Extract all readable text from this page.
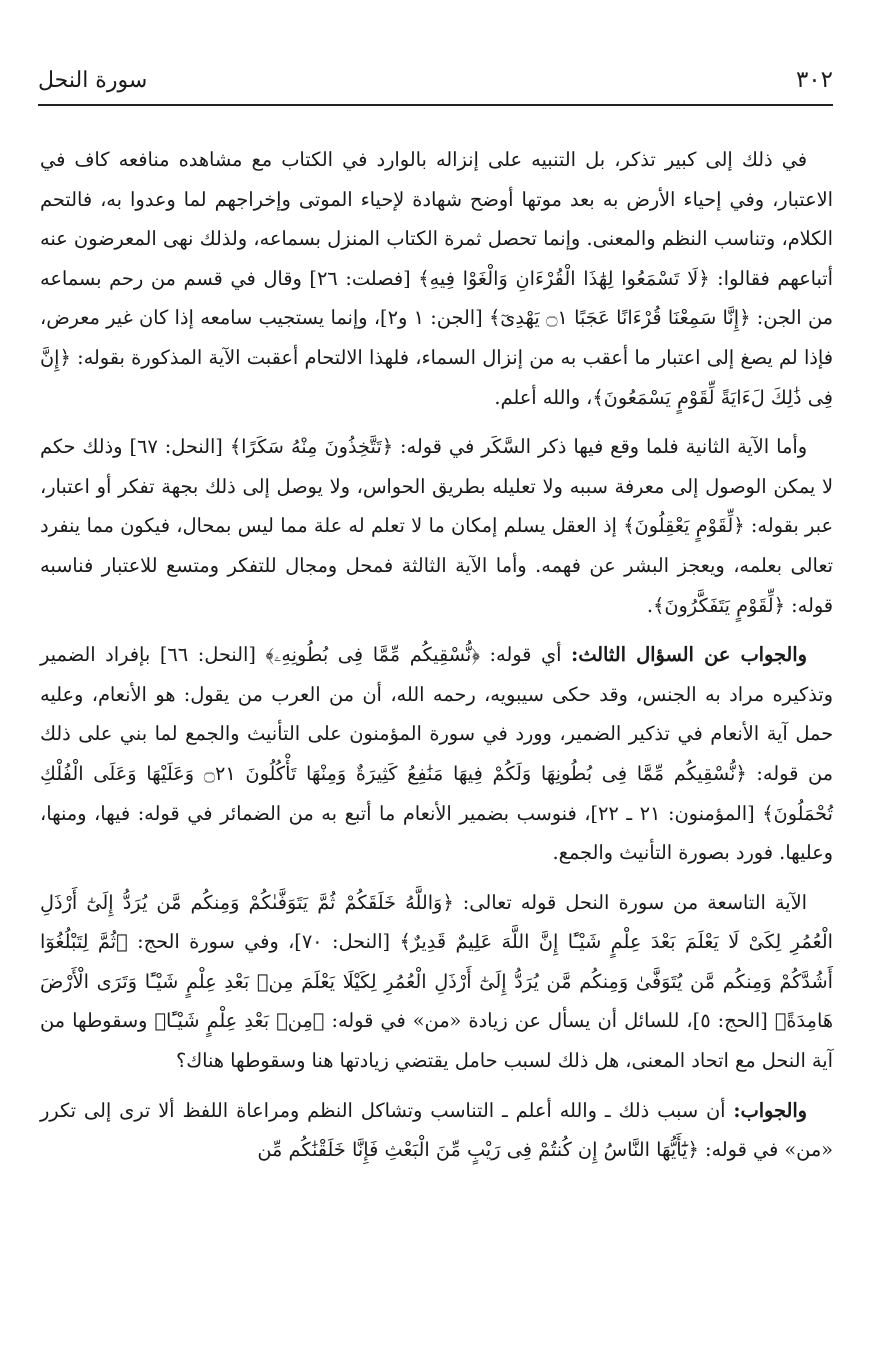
٣٠٢
سورة النحل

في ذلك إلى كبير تذكر، بل التنبيه على إنزاله بالوارد في الكتاب مع مشاهده منافعه كاف في الاعتبار، وفي إحياء الأرض به بعد موتها أوضح شهادة لإحياء الموتى وإخراجهم لما وعدوا به، فالتحم الكلام، وتناسب النظم والمعنى. وإنما تحصل ثمرة الكتاب المنزل بسماعه، ولذلك نهى المعرضون عنه أتباعهم فقالوا: ﴿لَا تَسْمَعُوا لِهَٰذَا الْقُرْءَانِ وَالْغَوْا فِيهِ﴾ [فصلت: ٢٦] وقال في قسم من رحم بسماعه من الجن: ﴿إِنَّا سَمِعْنَا قُرْءَانًا عَجَبًا ۝١ يَهْدِىٓ﴾ [الجن: ١ و٢]، وإنما يستجيب سامعه إذا كان غير معرض، فإذا لم يصغ إلى اعتبار ما أعقب به من إنزال السماء، فلهذا الالتحام أعقبت الآية المذكورة بقوله: ﴿إِنَّ فِى ذَٰلِكَ لَءَايَةً لِّقَوْمٍ يَسْمَعُونَ﴾، والله أعلم.

وأما الآية الثانية فلما وقع فيها ذكر السَّكَر في قوله: ﴿تَتَّخِذُونَ مِنْهُ سَكَرًا﴾ [النحل: ٦٧] وذلك حكم لا يمكن الوصول إلى معرفة سببه ولا تعليله بطريق الحواس، ولا يوصل إلى ذلك بجهة تفكر أو اعتبار، عبر بقوله: ﴿لِّقَوْمٍ يَعْقِلُونَ﴾ إذ العقل يسلم إمكان ما لا تعلم له علة مما ليس بمحال، فيكون مما ينفرد تعالى بعلمه، ويعجز البشر عن فهمه. وأما الآية الثالثة فمحل ومجال للتفكر ومتسع للاعتبار فناسبه قوله: ﴿لِّقَوْمٍ يَتَفَكَّرُونَ﴾.

والجواب عن السؤال الثالث: أي قوله: ﴿نُّسْقِيكُم مِّمَّا فِى بُطُونِهِۦ﴾ [النحل: ٦٦] بإفراد الضمير وتذكيره مراد به الجنس، وقد حكى سيبويه، رحمه الله، أن من العرب من يقول: هو الأنعام، وعليه حمل آية الأنعام في تذكير الضمير، وورد في سورة المؤمنون على التأنيث والجمع لما بني على ذلك من قوله: ﴿نُّسْقِيكُم مِّمَّا فِى بُطُونِهَا وَلَكُمْ فِيهَا مَنَٰفِعُ كَثِيرَةٌ وَمِنْهَا تَأْكُلُونَ ۝٢١ وَعَلَيْهَا وَعَلَى الْفُلْكِ تُحْمَلُونَ﴾ [المؤمنون: ٢١ ـ ٢٢]، فنوسب بضمير الأنعام ما أتبع به من الضمائر في قوله: فيها، ومنها، وعليها. فورد بصورة التأنيث والجمع.

الآية التاسعة من سورة النحل قوله تعالى: ﴿وَاللَّهُ خَلَقَكُمْ ثُمَّ يَتَوَفَّىٰكُمْ وَمِنكُم مَّن يُرَدُّ إِلَىٰٓ أَرْذَلِ الْعُمُرِ لِكَىْ لَا يَعْلَمَ بَعْدَ عِلْمٍ شَيْـًٔا إِنَّ اللَّهَ عَلِيمٌ قَدِيرٌ﴾ [النحل: ٧٠]، وفي سورة الحج: ﴿ثُمَّ لِتَبْلُغُوٓا أَشُدَّكُمْ وَمِنكُم مَّن يُتَوَفَّىٰ وَمِنكُم مَّن يُرَدُّ إِلَىٰٓ أَرْذَلِ الْعُمُرِ لِكَيْلَا يَعْلَمَ مِنۢ بَعْدِ عِلْمٍ شَيْـًٔا وَتَرَى الْأَرْضَ هَامِدَةً﴾ [الحج: ٥]، للسائل أن يسأل عن زيادة «من» في قوله: ﴿مِنۢ بَعْدِ عِلْمٍ شَيْـًٔا﴾ وسقوطها من آية النحل مع اتحاد المعنى، هل ذلك لسبب حامل يقتضي زيادتها هنا وسقوطها هناك؟

والجواب: أن سبب ذلك ـ والله أعلم ـ التناسب وتشاكل النظم ومراعاة اللفظ ألا ترى إلى تكرر «من» في قوله: ﴿يَٰٓأَيُّهَا النَّاسُ إِن كُنتُمْ فِى رَيْبٍ مِّنَ الْبَعْثِ فَإِنَّا خَلَقْنَٰكُم مِّن
